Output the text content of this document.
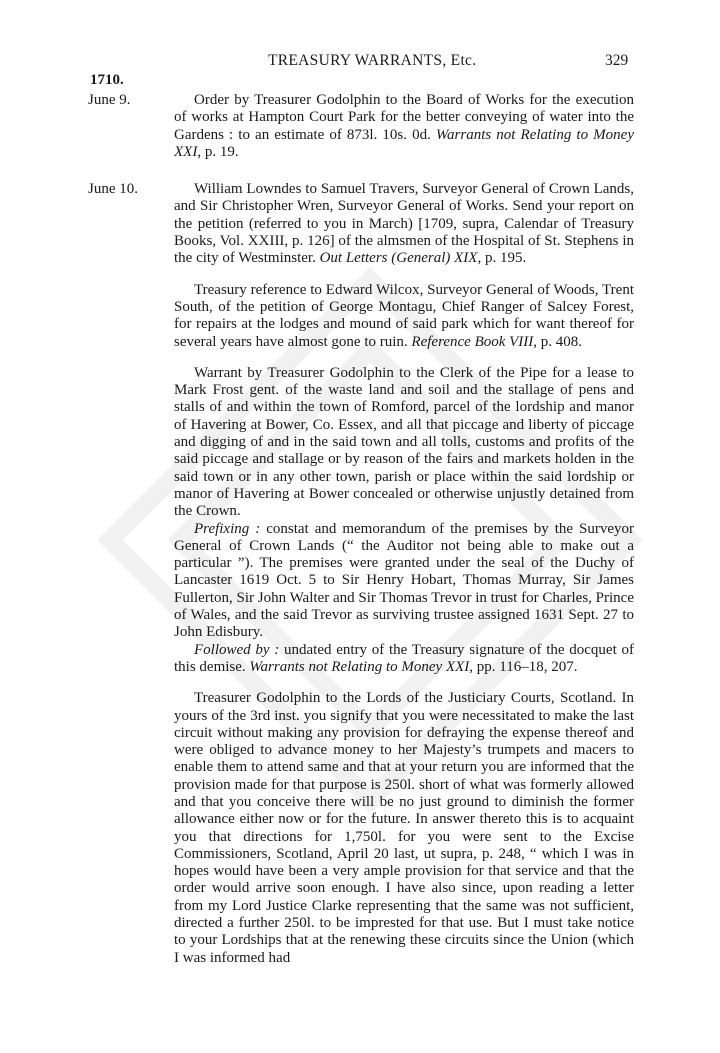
TREASURY WARRANTS, Etc.	329
1710.
June 9.	Order by Treasurer Godolphin to the Board of Works for the execution of works at Hampton Court Park for the better conveying of water into the Gardens : to an estimate of 873l. 10s. 0d. Warrants not Relating to Money XXI, p. 19.

June 10.	William Lowndes to Samuel Travers, Surveyor General of Crown Lands, and Sir Christopher Wren, Surveyor General of Works. Send your report on the petition (referred to you in March) [1709, supra, Calendar of Treasury Books, Vol. XXIII, p. 126] of the almsmen of the Hospital of St. Stephens in the city of Westminster. Out Letters (General) XIX, p. 195.

Treasury reference to Edward Wilcox, Surveyor General of Woods, Trent South, of the petition of George Montagu, Chief Ranger of Salcey Forest, for repairs at the lodges and mound of said park which for want thereof for several years have almost gone to ruin. Reference Book VIII, p. 408.

Warrant by Treasurer Godolphin to the Clerk of the Pipe for a lease to Mark Frost gent. of the waste land and soil and the stallage of pens and stalls of and within the town of Romford, parcel of the lordship and manor of Havering at Bower, Co. Essex, and all that piccage and liberty of piccage and digging of and in the said town and all tolls, customs and profits of the said piccage and stallage or by reason of the fairs and markets holden in the said town or in any other town, parish or place within the said lordship or manor of Havering at Bower concealed or otherwise unjustly detained from the Crown.

Prefixing : constat and memorandum of the premises by the Surveyor General of Crown Lands (“ the Auditor not being able to make out a particular ”). The premises were granted under the seal of the Duchy of Lancaster 1619 Oct. 5 to Sir Henry Hobart, Thomas Murray, Sir James Fullerton, Sir John Walter and Sir Thomas Trevor in trust for Charles, Prince of Wales, and the said Trevor as surviving trustee assigned 1631 Sept. 27 to John Edisbury.

Followed by : undated entry of the Treasury signature of the docquet of this demise. Warrants not Relating to Money XXI, pp. 116–18, 207.

Treasurer Godolphin to the Lords of the Justiciary Courts, Scotland. In yours of the 3rd inst. you signify that you were necessitated to make the last circuit without making any provision for defraying the expense thereof and were obliged to advance money to her Majesty’s trumpets and macers to enable them to attend same and that at your return you are informed that the provision made for that purpose is 250l. short of what was formerly allowed and that you conceive there will be no just ground to diminish the former allowance either now or for the future. In answer thereto this is to acquaint you that directions for 1,750l. for you were sent to the Excise Commissioners, Scotland, April 20 last, ut supra, p. 248, “ which I was in hopes would have been a very ample provision for that service and that the order would arrive soon enough. I have also since, upon reading a letter from my Lord Justice Clarke representing that the same was not sufficient, directed a further 250l. to be imprested for that use. But I must take notice to your Lordships that at the renewing these circuits since the Union (which I was informed had
